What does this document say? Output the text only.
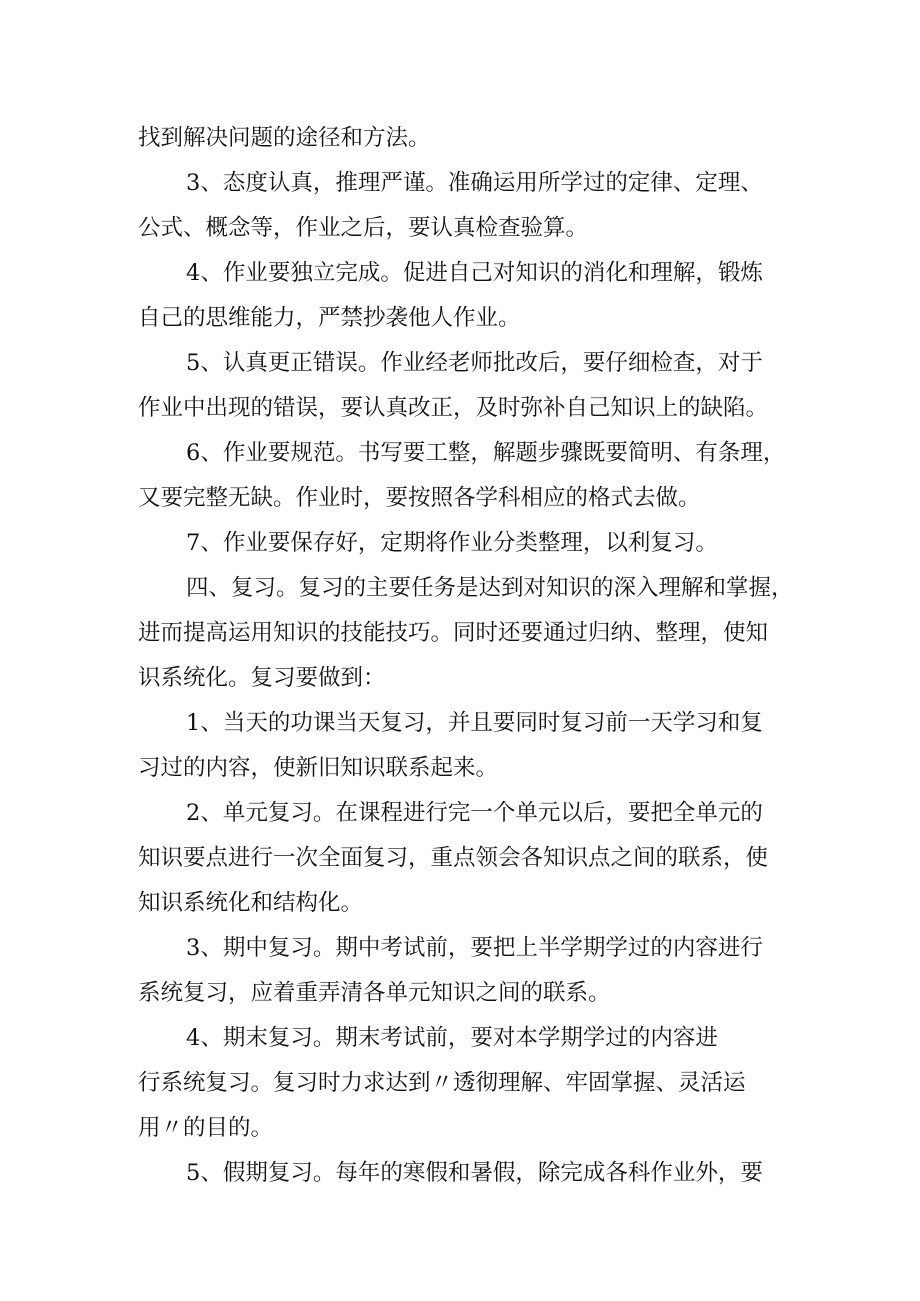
找到解决问题的途径和方法。
3、态度认真，推理严谨。准确运用所学过的定律、定理、
公式、概念等，作业之后，要认真检查验算。
4、作业要独立完成。促进自己对知识的消化和理解，锻炼
自己的思维能力，严禁抄袭他人作业。
5、认真更正错误。作业经老师批改后，要仔细检查，对于
作业中出现的错误，要认真改正，及时弥补自己知识上的缺陷。
6、作业要规范。书写要工整，解题步骤既要简明、有条理，
又要完整无缺。作业时，要按照各学科相应的格式去做。
7、作业要保存好，定期将作业分类整理，以利复习。
四、复习。复习的主要任务是达到对知识的深入理解和掌握，
进而提高运用知识的技能技巧。同时还要通过归纳、整理，使知
识系统化。复习要做到：
1、当天的功课当天复习，并且要同时复习前一天学习和复
习过的内容，使新旧知识联系起来。
2、单元复习。在课程进行完一个单元以后，要把全单元的
知识要点进行一次全面复习，重点领会各知识点之间的联系，使
知识系统化和结构化。
3、期中复习。期中考试前，要把上半学期学过的内容进行
系统复习，应着重弄清各单元知识之间的联系。
4、期末复习。期末考试前，要对本学期学过的内容进
行系统复习。复习时力求达到〃透彻理解、牢固掌握、灵活运
用〃的目的。
5、假期复习。每年的寒假和暑假，除完成各科作业外，要
